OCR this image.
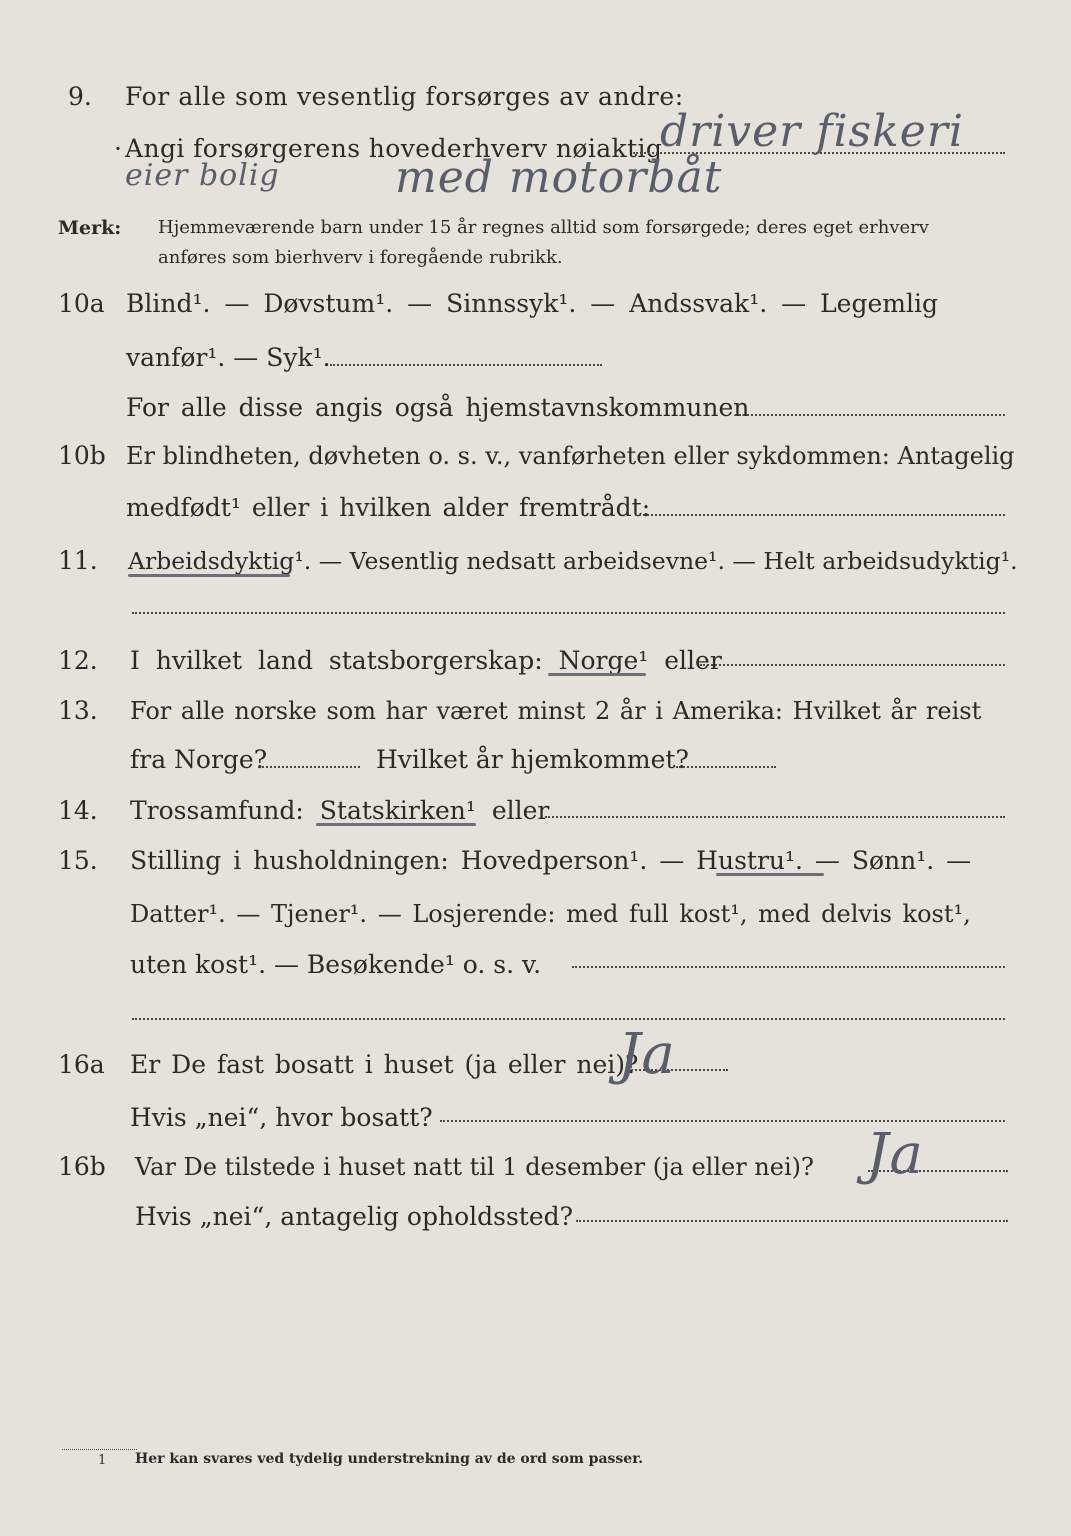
9. For alle som vesentlig forsørges av andre:
· Angi forsørgerens hovederhverv nøiaktig
driver fiskeri
eier bolig	med motorbåt
Merk: Hjemmeværende barn under 15 år regnes alltid som forsørgede; deres eget erhverv
anføres som bierhverv i foregående rubrikk.
10a Blind¹. — Døvstum¹. — Sinnssyk¹. — Andssvak¹. — Legemlig
vanfør¹. — Syk¹.
For alle disse angis også hjemstavnskommunen
10b Er blindheten, døvheten o. s. v., vanførheten eller sykdommen: Antagelig
medfødt¹ eller i hvilken alder fremtrådt:
11. Arbeidsdyktig¹. — Vesentlig nedsatt arbeidsevne¹. — Helt arbeidsudyktig¹.
12. I hvilket land statsborgerskap: Norge¹ eller
13. For alle norske som har været minst 2 år i Amerika: Hvilket år reist
fra Norge?	Hvilket år hjemkommet?
14. Trossamfund: Statskirken¹ eller
15. Stilling i husholdningen: Hovedperson¹. — Hustru¹. — Sønn¹. —
Datter¹. — Tjener¹. — Losjerende: med full kost¹, med delvis kost¹,
uten kost¹. — Besøkende¹ o. s. v.
16a Er De fast bosatt i huset (ja eller nei)?
Ja
Hvis „nei“, hvor bosatt?
16b Var De tilstede i huset natt til 1 desember (ja eller nei)? Ja
Hvis „nei“, antagelig opholdssted?
1 Her kan svares ved tydelig understrekning av de ord som passer.
